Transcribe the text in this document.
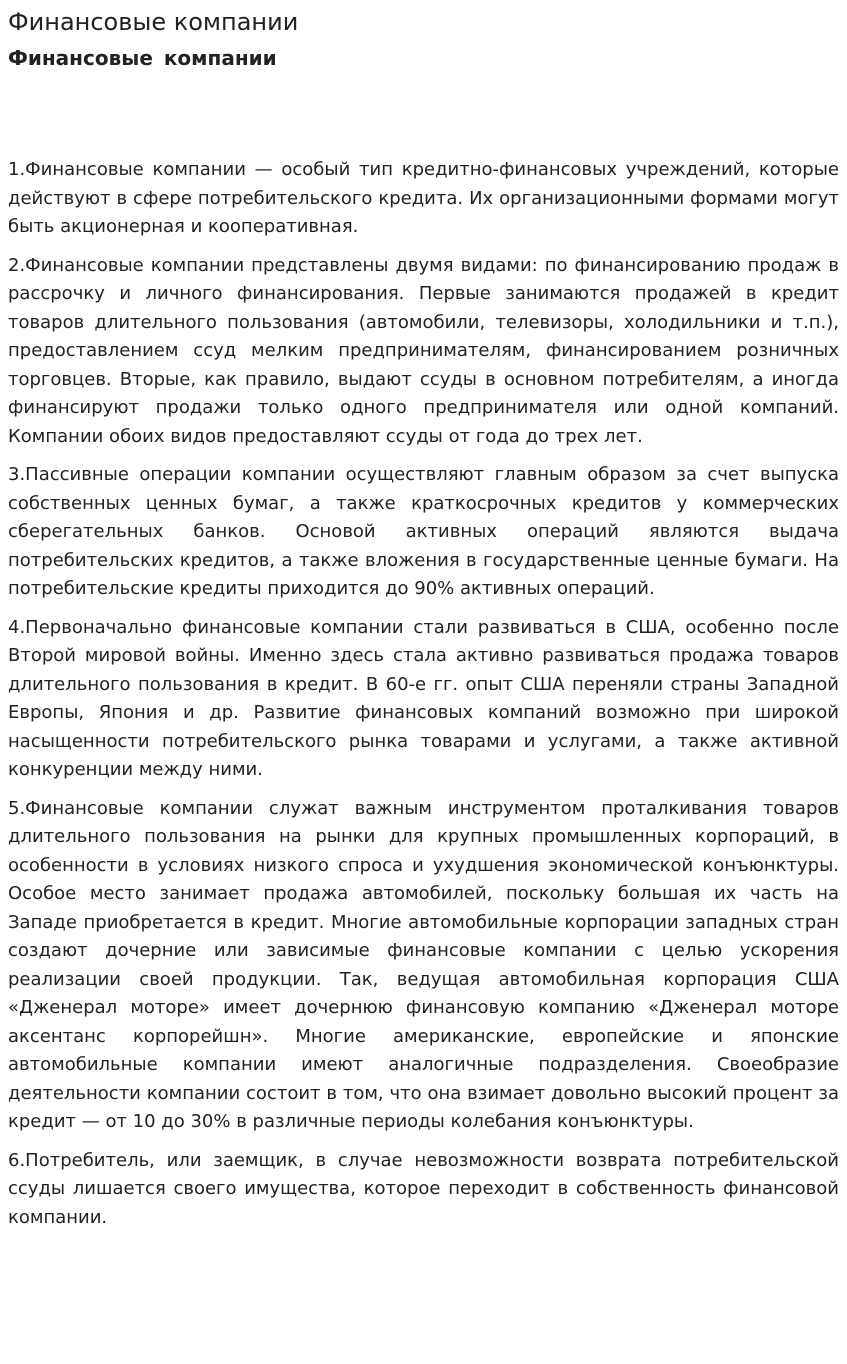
Финансовые компании
Финансовые компании

1.Финансовые компании — особый тип кредитно-финансовых учреждений, которые действуют в сфере потребительского кредита. Их организационными формами могут быть акционерная и кооперативная.

2.Финансовые компании представлены двумя видами: по финансированию продаж в рассрочку и личного финансирования. Первые занимаются продажей в кредит товаров длительного пользования (автомобили, телевизоры, холодильники и т.п.), предоставлением ссуд мелким предпринимателям, финансированием розничных торговцев. Вторые, как правило, выдают ссуды в основном потребителям, а иногда финансируют продажи только одного предпринимателя или одной компаний. Компании обоих видов предоставляют ссуды от года до трех лет.

3.Пассивные операции компании осуществляют главным образом за счет выпуска собственных ценных бумаг, а также краткосрочных кредитов у коммерческих сберегательных банков. Основой активных операций являются выдача потребительских кредитов, а также вложения в государственные ценные бумаги. На потребительские кредиты приходится до 90% активных операций.

4.Первоначально финансовые компании стали развиваться в США, особенно после Второй мировой войны. Именно здесь стала активно развиваться продажа товаров длительного пользования в кредит. В 60-е гг. опыт США переняли страны Западной Европы, Япония и др. Развитие финансовых компаний возможно при широкой насыщенности потребительского рынка товарами и услугами, а также активной конкуренции между ними.

5.Финансовые компании служат важным инструментом проталкивания товаров длительного пользования на рынки для крупных промышленных корпораций, в особенности в условиях низкого спроса и ухудшения экономической конъюнктуры. Особое место занимает продажа автомобилей, поскольку большая их часть на Западе приобретается в кредит. Многие автомобильные корпорации западных стран создают дочерние или зависимые финансовые компании с целью ускорения реализации своей продукции. Так, ведущая автомобильная корпорация США «Дженерал моторе» имеет дочернюю финансовую компанию «Дженерал моторе аксентанс корпорейшн». Многие американские, европейские и японские автомобильные компании имеют аналогичные подразделения. Своеобразие деятельности компании состоит в том, что она взимает довольно высокий процент за кредит — от 10 до 30% в различные периоды колебания конъюнктуры.

6.Потребитель, или заемщик, в случае невозможности возврата потребительской ссуды лишается своего имущества, которое переходит в собственность финансовой компании.
